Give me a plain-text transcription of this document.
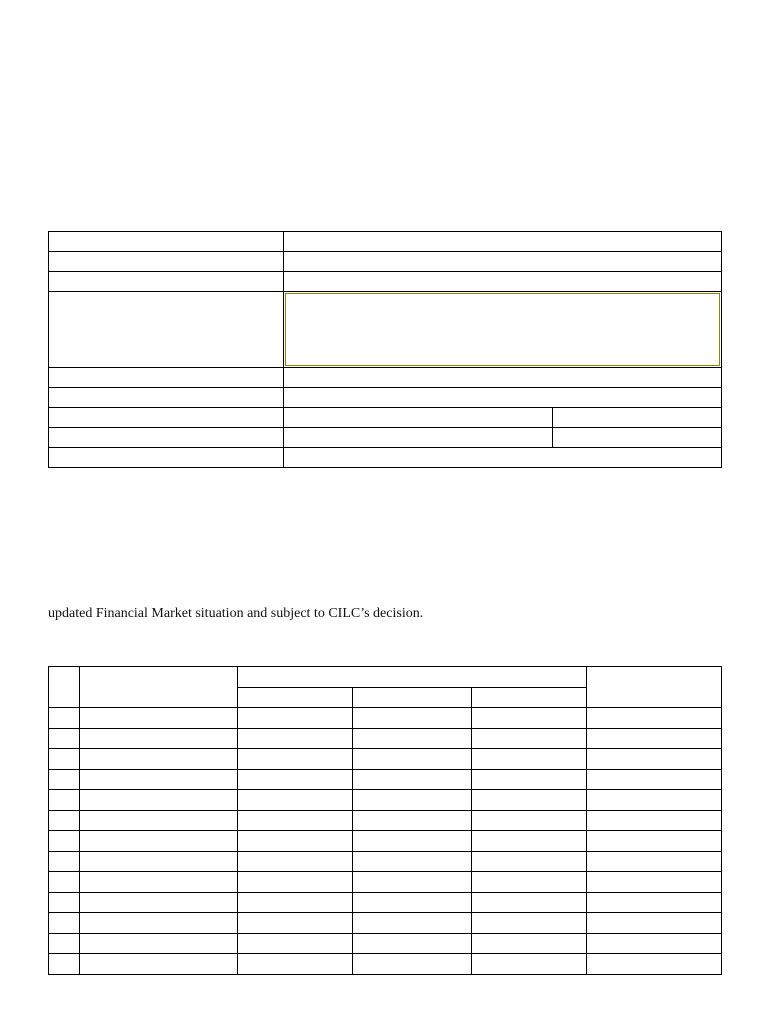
updated Financial Market situation and subject to CILC’s decision.
